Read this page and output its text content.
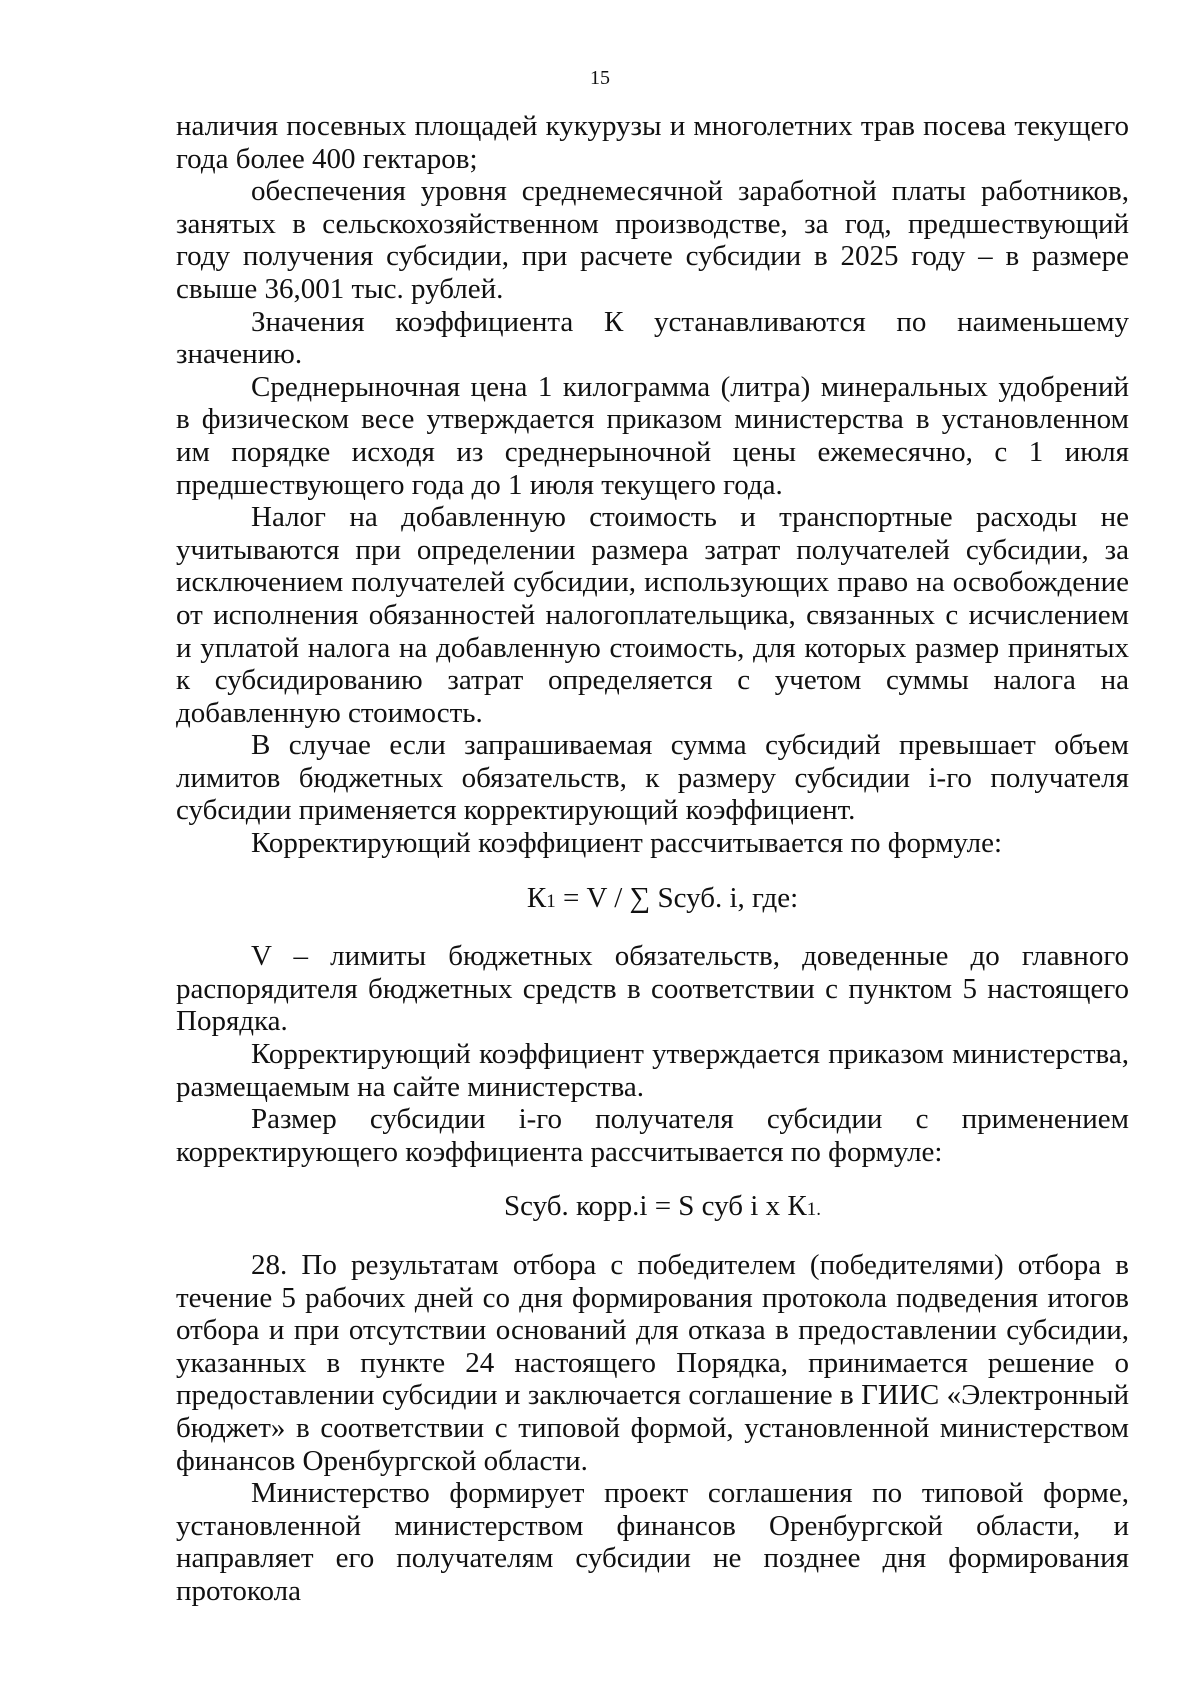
15

наличия посевных площадей кукурузы и многолетних трав посева текущего года более 400 гектаров;

обеспечения уровня среднемесячной заработной платы работников, занятых в сельскохозяйственном производстве, за год, предшествующий году получения субсидии, при расчете субсидии в 2025 году – в размере свыше 36,001 тыс. рублей.

Значения коэффициента К устанавливаются по наименьшему значению.

Среднерыночная цена 1 килограмма (литра) минеральных удобрений в физическом весе утверждается приказом министерства в установленном им порядке исходя из среднерыночной цены ежемесячно, с 1 июля предшествующего года до 1 июля текущего года.

Налог на добавленную стоимость и транспортные расходы не учитываются при определении размера затрат получателей субсидии, за исключением получателей субсидии, использующих право на освобождение от исполнения обязанностей налогоплательщика, связанных с исчислением и уплатой налога на добавленную стоимость, для которых размер принятых к субсидированию затрат определяется с учетом суммы налога на добавленную стоимость.

В случае если запрашиваемая сумма субсидий превышает объем лимитов бюджетных обязательств, к размеру субсидии i-го получателя субсидии применяется корректирующий коэффициент.

Корректирующий коэффициент рассчитывается по формуле:

К1 = V / ∑ Sсуб. i, где:

V – лимиты бюджетных обязательств, доведенные до главного распорядителя бюджетных средств в соответствии с пунктом 5 настоящего Порядка.

Корректирующий коэффициент утверждается приказом министерства, размещаемым на сайте министерства.

Размер субсидии i-го получателя субсидии с применением корректирующего коэффициента рассчитывается по формуле:

Sсуб. корр.i = S суб i х К1.

28. По результатам отбора с победителем (победителями) отбора в течение 5 рабочих дней со дня формирования протокола подведения итогов отбора и при отсутствии оснований для отказа в предоставлении субсидии, указанных в пункте 24 настоящего Порядка, принимается решение о предоставлении субсидии и заключается соглашение в ГИИС «Электронный бюджет» в соответствии с типовой формой, установленной министерством финансов Оренбургской области.

Министерство формирует проект соглашения по типовой форме, установленной министерством финансов Оренбургской области, и направляет его получателям субсидии не позднее дня формирования протокола
